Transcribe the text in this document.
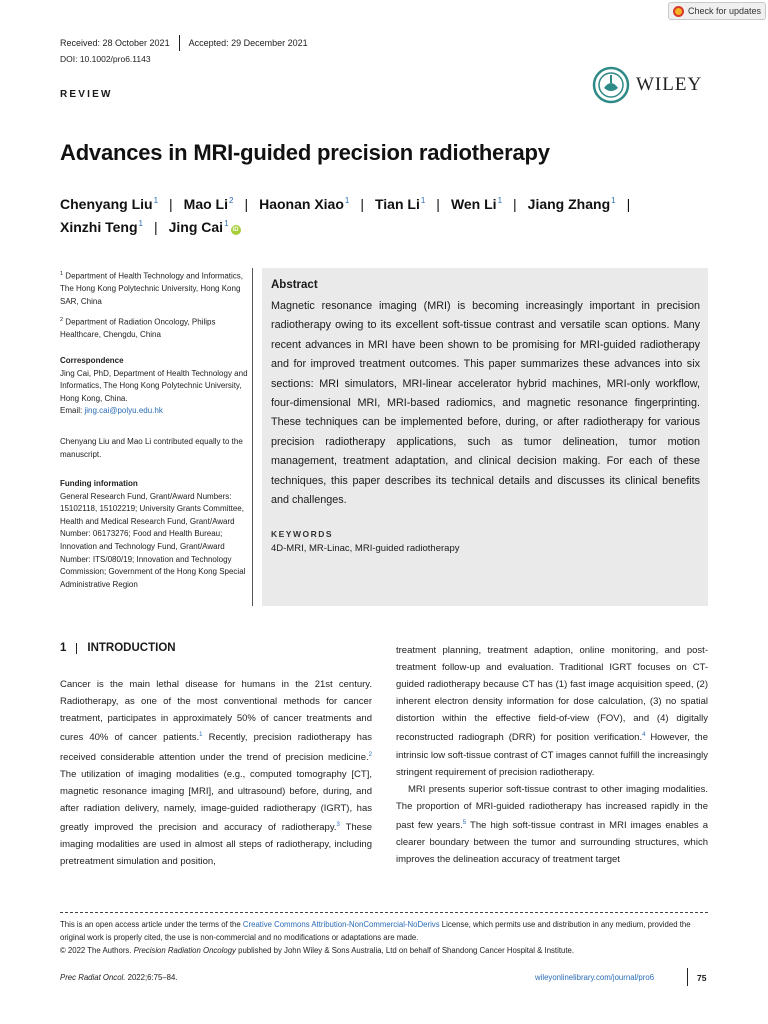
Check for updates
Received: 28 October 2021 Accepted: 29 December 2021
DOI: 10.1002/pro6.1143
REVIEW	WILEY
Advances in MRI-guided precision radiotherapy
Chenyang Liu$^1$ | Mao Li$^2$ | Haonan Xiao$^1$ | Tian Li$^1$ | Wen Li$^1$ | Jiang Zhang$^1$ |
Xinzhi Teng$^1$ | Jing Cai$^1$iD
$^1$ Department of Health Technology and Informatics, The Hong Kong Polytechnic University, Hong Kong SAR, China
$^2$ Department of Radiation Oncology, Philips Healthcare, Chengdu, China
Correspondence
Jing Cai, PhD, Department of Health Technology and Informatics, The Hong Kong Polytechnic University, Hong Kong, China.
Email: jing.cai@polyu.edu.hk
Chenyang Liu and Mao Li contributed equally to the manuscript.
Funding information
General Research Fund, Grant/Award Numbers: 15102118, 15102219; University Grants Committee, Health and Medical Research Fund, Grant/Award Number: 06173276; Food and Health Bureau; Innovation and Technology Fund, Grant/Award Number: ITS/080/19; Innovation and Technology Commission; Government of the Hong Kong Special Administrative Region
Abstract
Magnetic resonance imaging (MRI) is becoming increasingly important in precision radiotherapy owing to its excellent soft-tissue contrast and versatile scan options. Many recent advances in MRI have been shown to be promising for MRI-guided radiotherapy and for improved treatment outcomes. This paper summarizes these advances into six sections: MRI simulators, MRI-linear accelerator hybrid machines, MRI-only workflow, four-dimensional MRI, MRI-based radiomics, and magnetic resonance fingerprinting. These techniques can be implemented before, during, or after radiotherapy for various precision radiotherapy applications, such as tumor delineation, tumor motion management, treatment adaptation, and clinical decision making. For each of these techniques, this paper describes its technical details and discusses its clinical benefits and challenges.
KEYWORDS
4D-MRI, MR-Linac, MRI-guided radiotherapy
1 INTRODUCTION

Cancer is the main lethal disease for humans in the 21st century. Radiotherapy, as one of the most conventional methods for cancer treatment, participates in approximately 50% of cancer treatments and cures 40% of cancer patients.$^1$ Recently, precision radiotherapy has received considerable attention under the trend of precision medicine.$^2$ The utilization of imaging modalities (e.g., computed tomography [CT], magnetic resonance imaging [MRI], and ultrasound) before, during, and after radiation delivery, namely, image-guided radiotherapy (IGRT), has greatly improved the precision and accuracy of radiotherapy.$^3$ These imaging modalities are used in almost all steps of radiotherapy, including pretreatment simulation and position,

treatment planning, treatment adaption, online monitoring, and post-treatment follow-up and evaluation. Traditional IGRT focuses on CT-guided radiotherapy because CT has (1) fast image acquisition speed, (2) inherent electron density information for dose calculation, (3) no spatial distortion within the effective field-of-view (FOV), and (4) digitally reconstructed radiograph (DRR) for position verification.$^4$ However, the intrinsic low soft-tissue contrast of CT images cannot fulfill the increasingly stringent requirement of precision radiotherapy.

MRI presents superior soft-tissue contrast to other imaging modalities. The proportion of MRI-guided radiotherapy has increased rapidly in the past few years.$^5$ The high soft-tissue contrast in MRI images enables a clearer boundary between the tumor and surrounding structures, which improves the delineation accuracy of treatment target

This is an open access article under the terms of the Creative Commons Attribution-NonCommercial-NoDerivs License, which permits use and distribution in any medium, provided the original work is properly cited, the use is non-commercial and no modifications or adaptations are made.
© 2022 The Authors. Precision Radiation Oncology published by John Wiley & Sons Australia, Ltd on behalf of Shandong Cancer Hospital & Institute.
Prec Radiat Oncol. 2022;6:75–84.	wileyonlinelibrary.com/journal/pro6	75
